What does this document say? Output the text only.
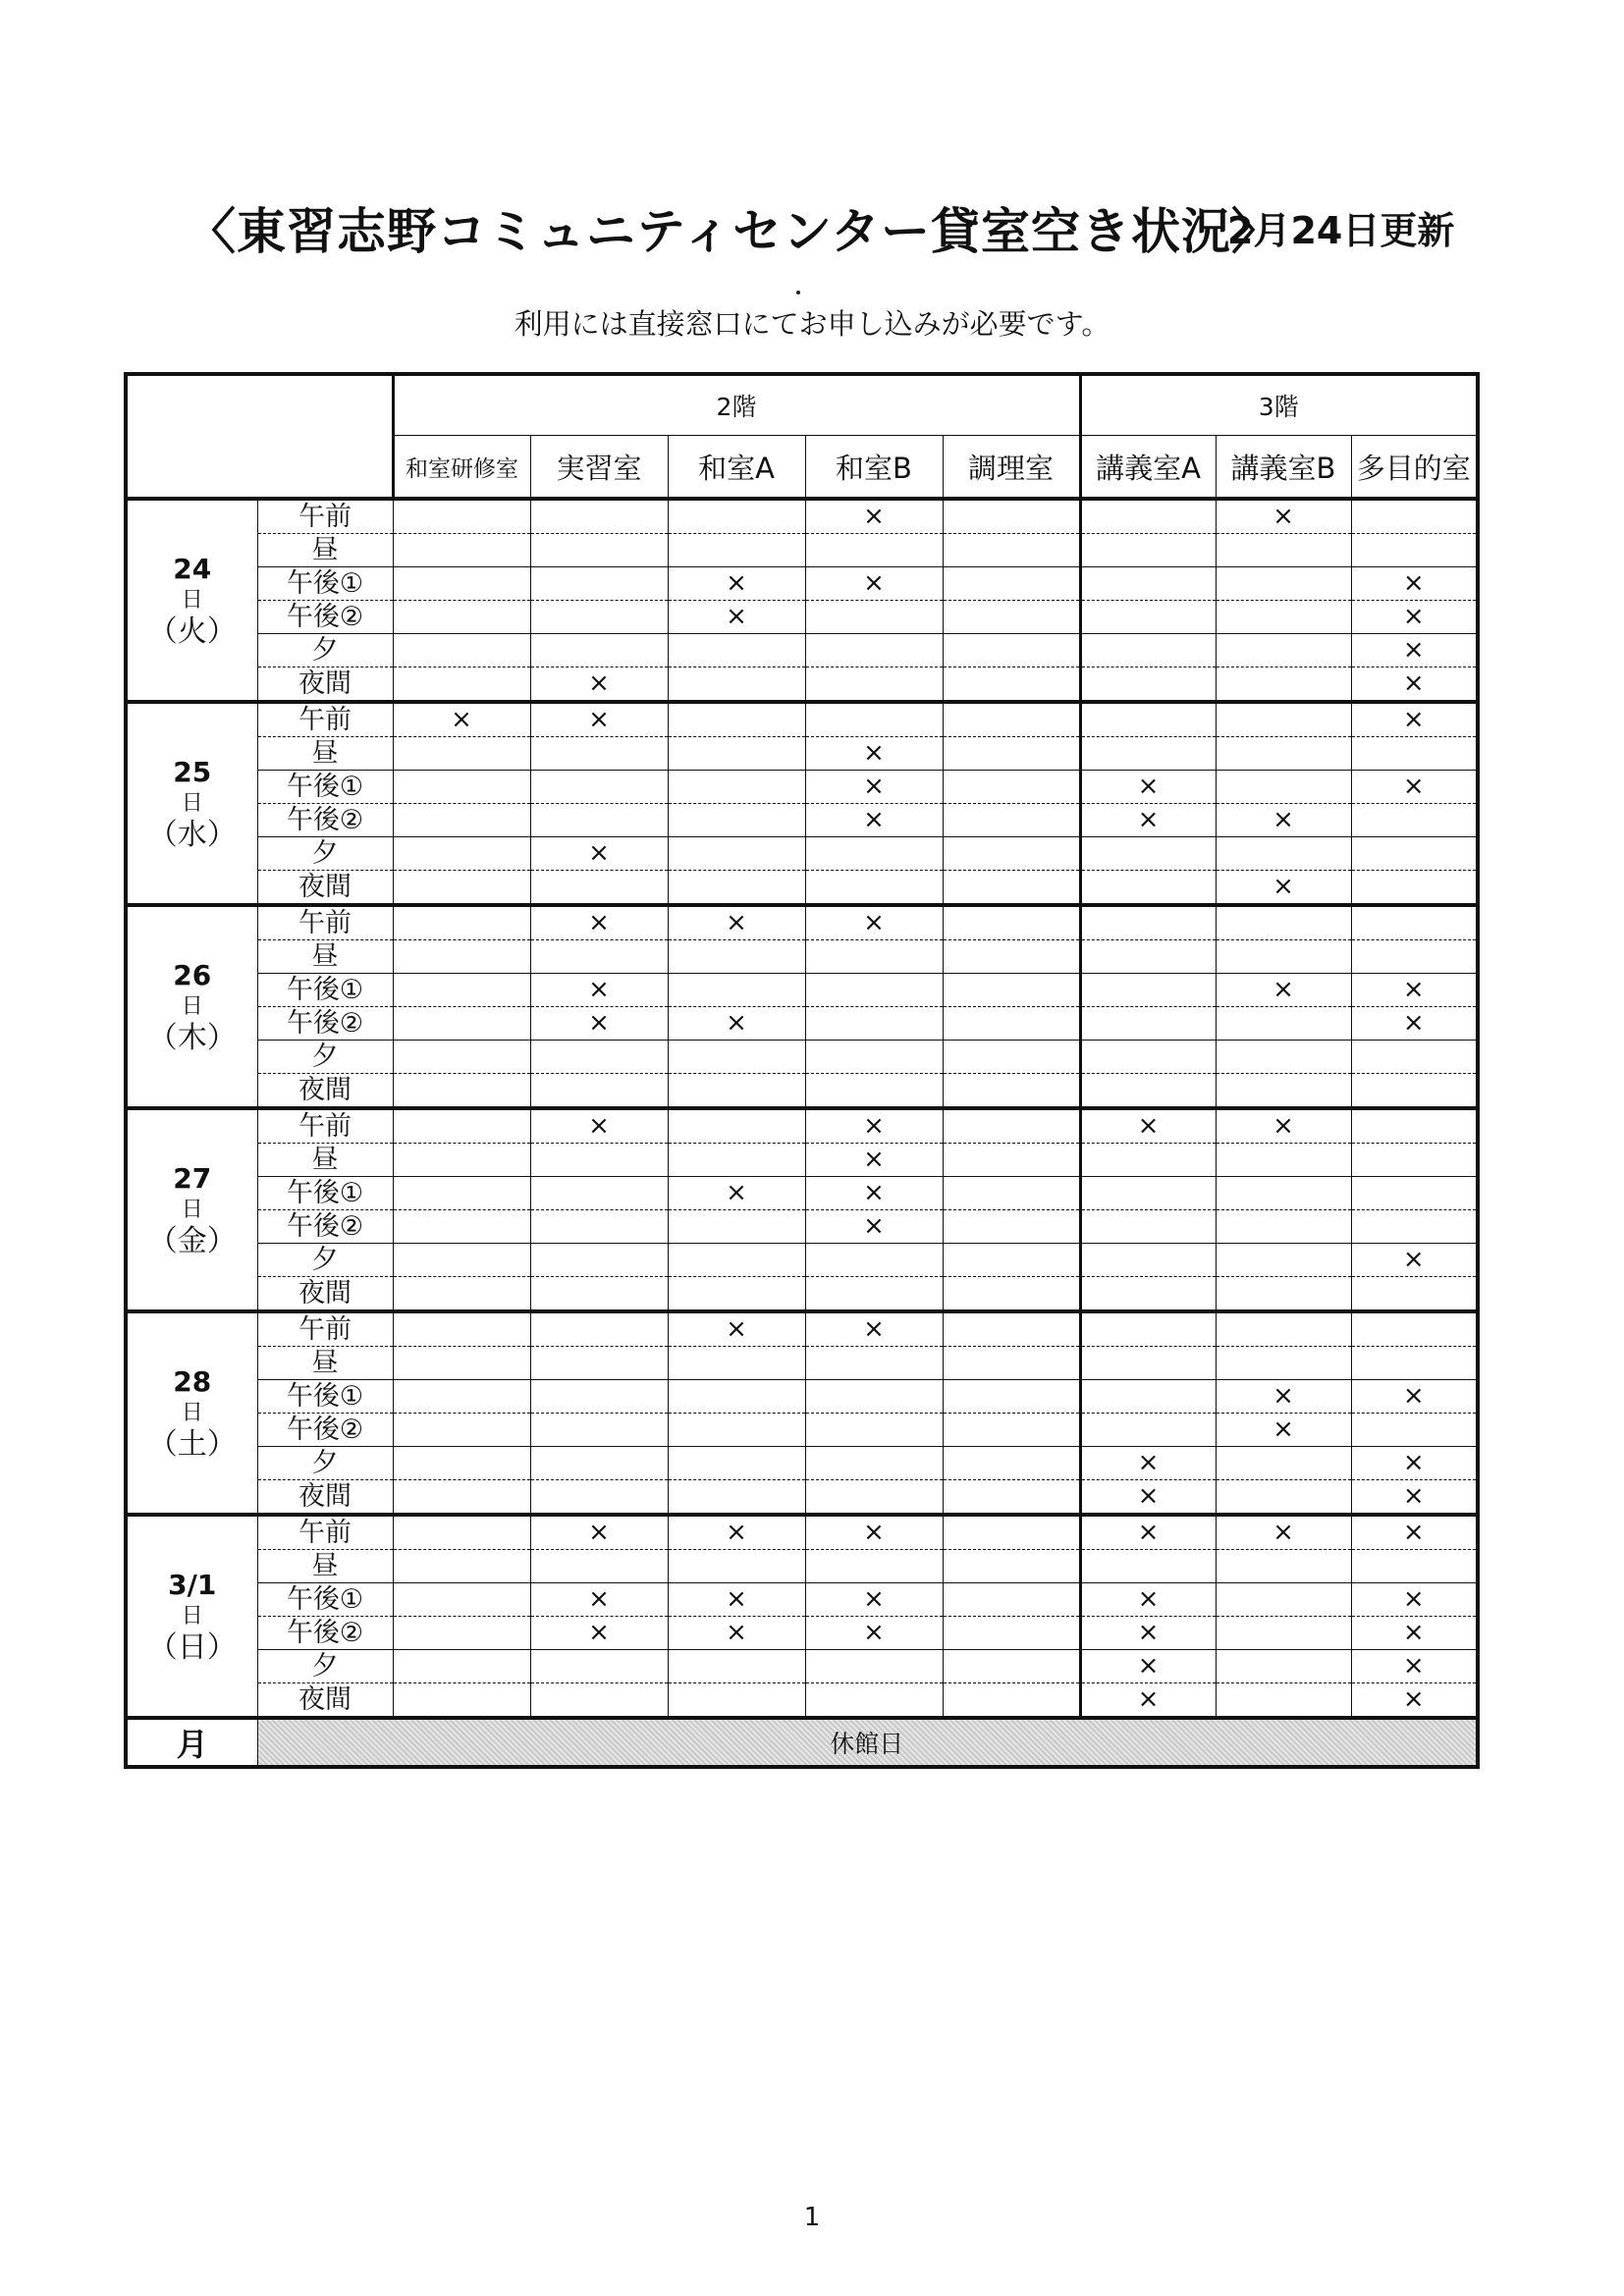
〈東習志野コミュニティセンター貸室空き状況〉
2月24日更新
利用には直接窓口にてお申し込みが必要です。
		2階					3階		
		和室研修室	実習室	和室A	和室B	調理室	講義室A	講義室B	多目的室

24
日
（火）	午前				×			×	
	昼								
	午後①			×	×				×
	午後②			×					×
	夕								×
	夜間		×						×

25
日
（水）	午前	×	×						×
	昼				×				
	午後①				×		×		×
	午後②				×		×	×	
	夕		×						
	夜間							×	

26
日
（木）	午前		×	×	×				
	昼								
	午後①		×					×	×
	午後②		×	×					×
	夕								
	夜間								

27
日
（金）	午前		×		×		×	×	
	昼				×				
	午後①			×	×				
	午後②				×				
	夕								×
	夜間								

28
日
（土）	午前			×	×				
	昼								
	午後①							×	×
	午後②							×	
	夕						×		×
	夜間						×		×

3/1
日
（日）	午前		×	×	×		×	×	×
	昼								
	午後①		×	×	×		×		×
	午後②		×	×	×		×		×
	夕						×		×
	夜間						×		×
月	休館日								
1
